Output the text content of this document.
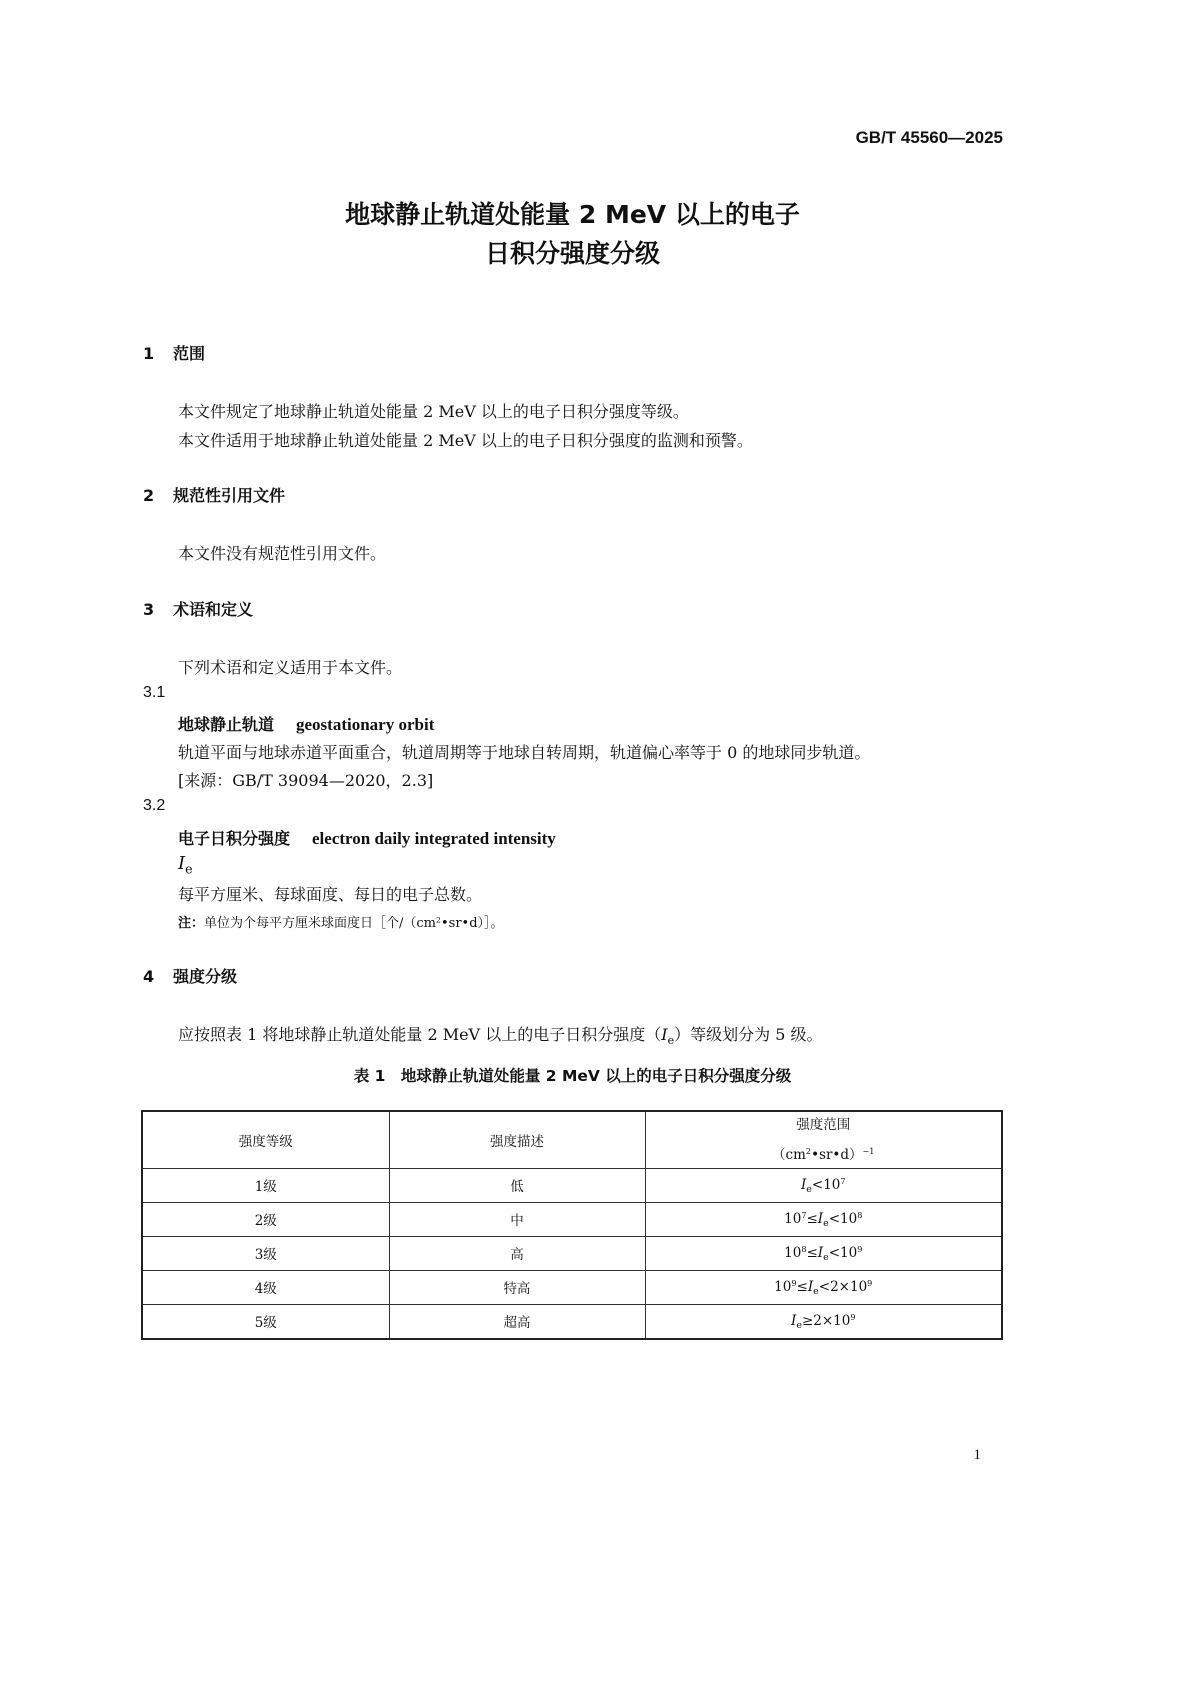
GB/T 45560—2025
地球静止轨道处能量 2 MeV 以上的电子
日积分强度分级
1 范围
本文件规定了地球静止轨道处能量 2 MeV 以上的电子日积分强度等级。
本文件适用于地球静止轨道处能量 2 MeV 以上的电子日积分强度的监测和预警。
2 规范性引用文件
本文件没有规范性引用文件。
3 术语和定义
下列术语和定义适用于本文件。
3.1
地球静止轨道 geostationary orbit
轨道平面与地球赤道平面重合，轨道周期等于地球自转周期，轨道偏心率等于 0 的地球同步轨道。
[来源：GB/T 39094—2020，2.3]
3.2
电子日积分强度 electron daily integrated intensity
$I_e$
每平方厘米、每球面度、每日的电子总数。
注：单位为个每平方厘米球面度日［个$/(cm^2•sr•d)]$。
4 强度分级
应按照表 1 将地球静止轨道处能量 2 MeV 以上的电子日积分强度$(I_e)$等级划分为 5 级。
表 1　地球静止轨道处能量 2 MeV 以上的电子日积分强度分级
强度等级	强度描述	强度范围
$(cm^2•sr•d)^{-1}$

1级	低	$I_e<10^7$
2级	中	$10^7\le I_e<10^8$
3级	高	$10^8\le I_e<10^9$
4级	特高	$10^9\le I_e<2\times 10^9$
5级	超高	$I_e\ge 2\times 10^9$
1
